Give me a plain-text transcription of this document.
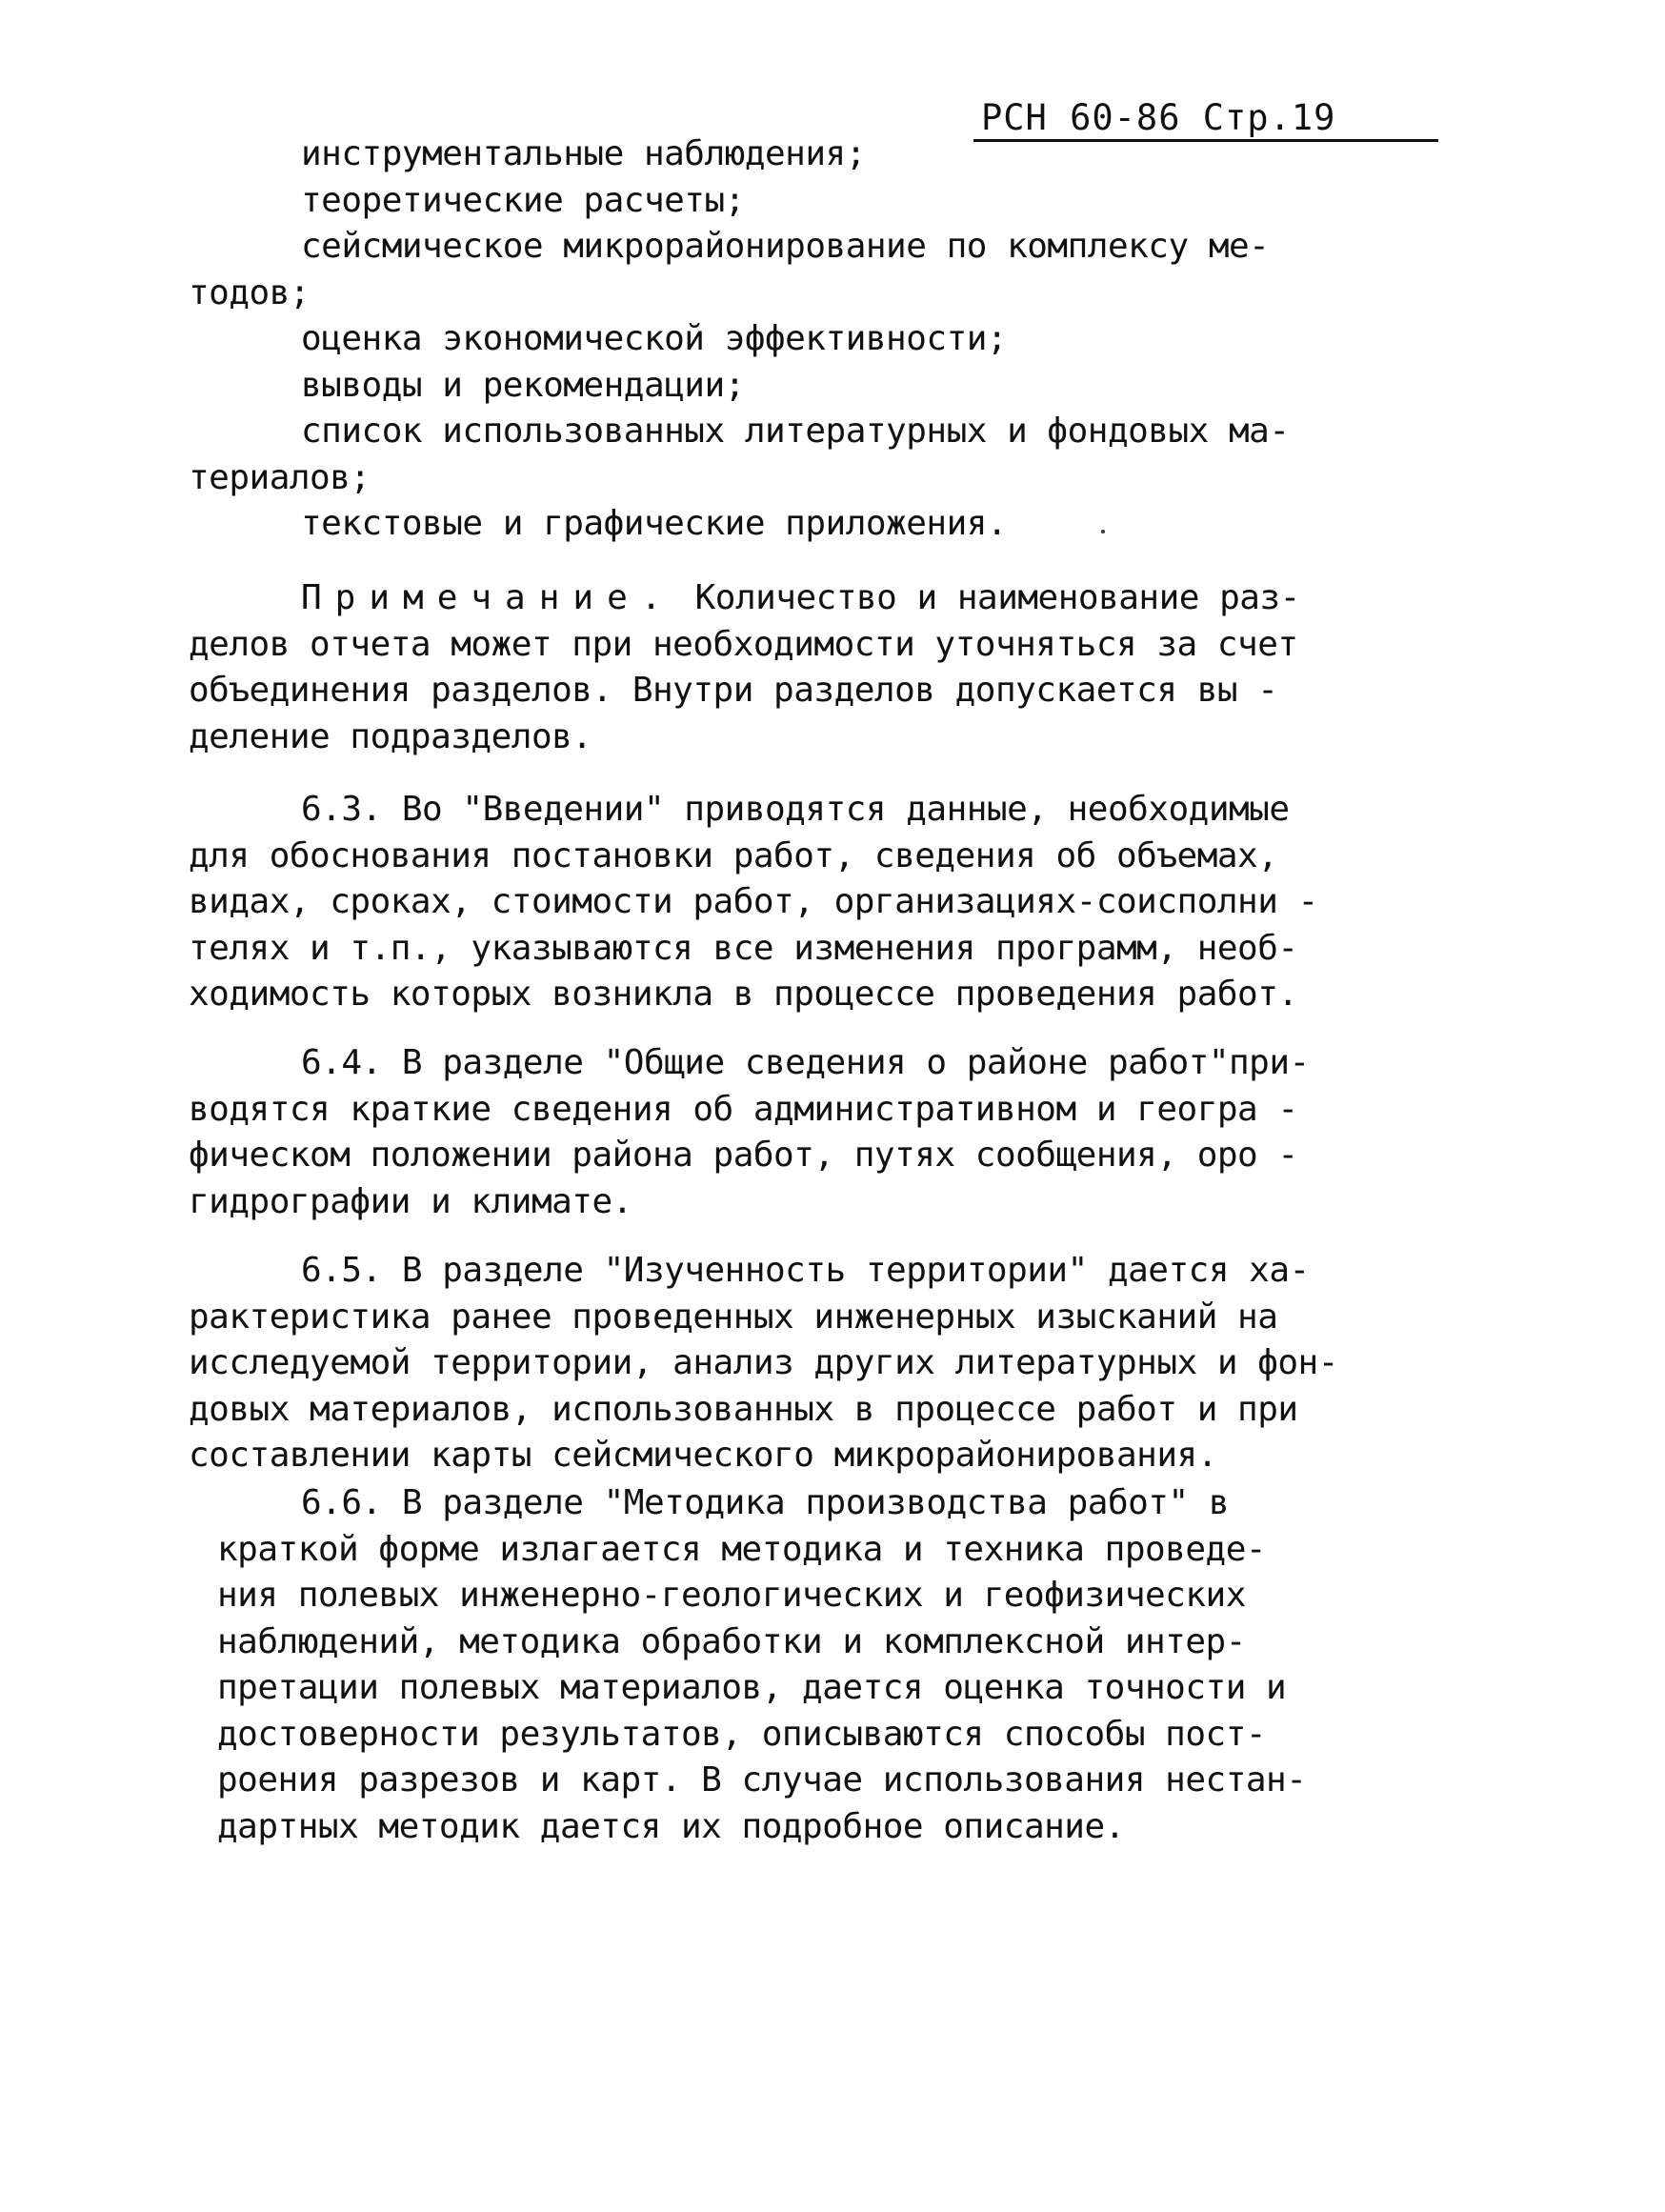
РСН 60-86 Стр.19
инструментальные наблюдения;
теоретические расчеты;
сейсмическое микрорайонирование по комплексу ме-
тодов;
оценка экономической эффективности;
выводы и рекомендации;
список использованных литературных и фондовых ма-
териалов;
текстовые и графические приложения.
Примечание. Количество и наименование раз-
делов отчета может при необходимости уточняться за счет
объединения разделов. Внутри разделов допускается вы -
деление подразделов.
6.3. Во "Введении" приводятся данные, необходимые
для обоснования постановки работ, сведения об объемах,
видах, сроках, стоимости работ, организациях-соисполни -
телях и т.п., указываются все изменения программ, необ-
ходимость которых возникла в процессе проведения работ.
6.4. В разделе "Общие сведения о районе работ"при-
водятся краткие сведения об административном и геогра -
фическом положении района работ, путях сообщения, оро -
гидрографии и климате.
6.5. В разделе "Изученность территории" дается ха-
рактеристика ранее проведенных инженерных изысканий на
исследуемой территории, анализ других литературных и фон-
довых материалов, использованных в процессе работ и при
составлении карты сейсмического микрорайонирования.
6.6. В разделе "Методика производства работ" в
краткой форме излагается методика и техника проведе-
ния полевых инженерно-геологических и геофизических
наблюдений, методика обработки и комплексной интер-
претации полевых материалов, дается оценка точности и
достоверности результатов, описываются способы пост-
роения разрезов и карт. В случае использования нестан-
дартных методик дается их подробное описание.
